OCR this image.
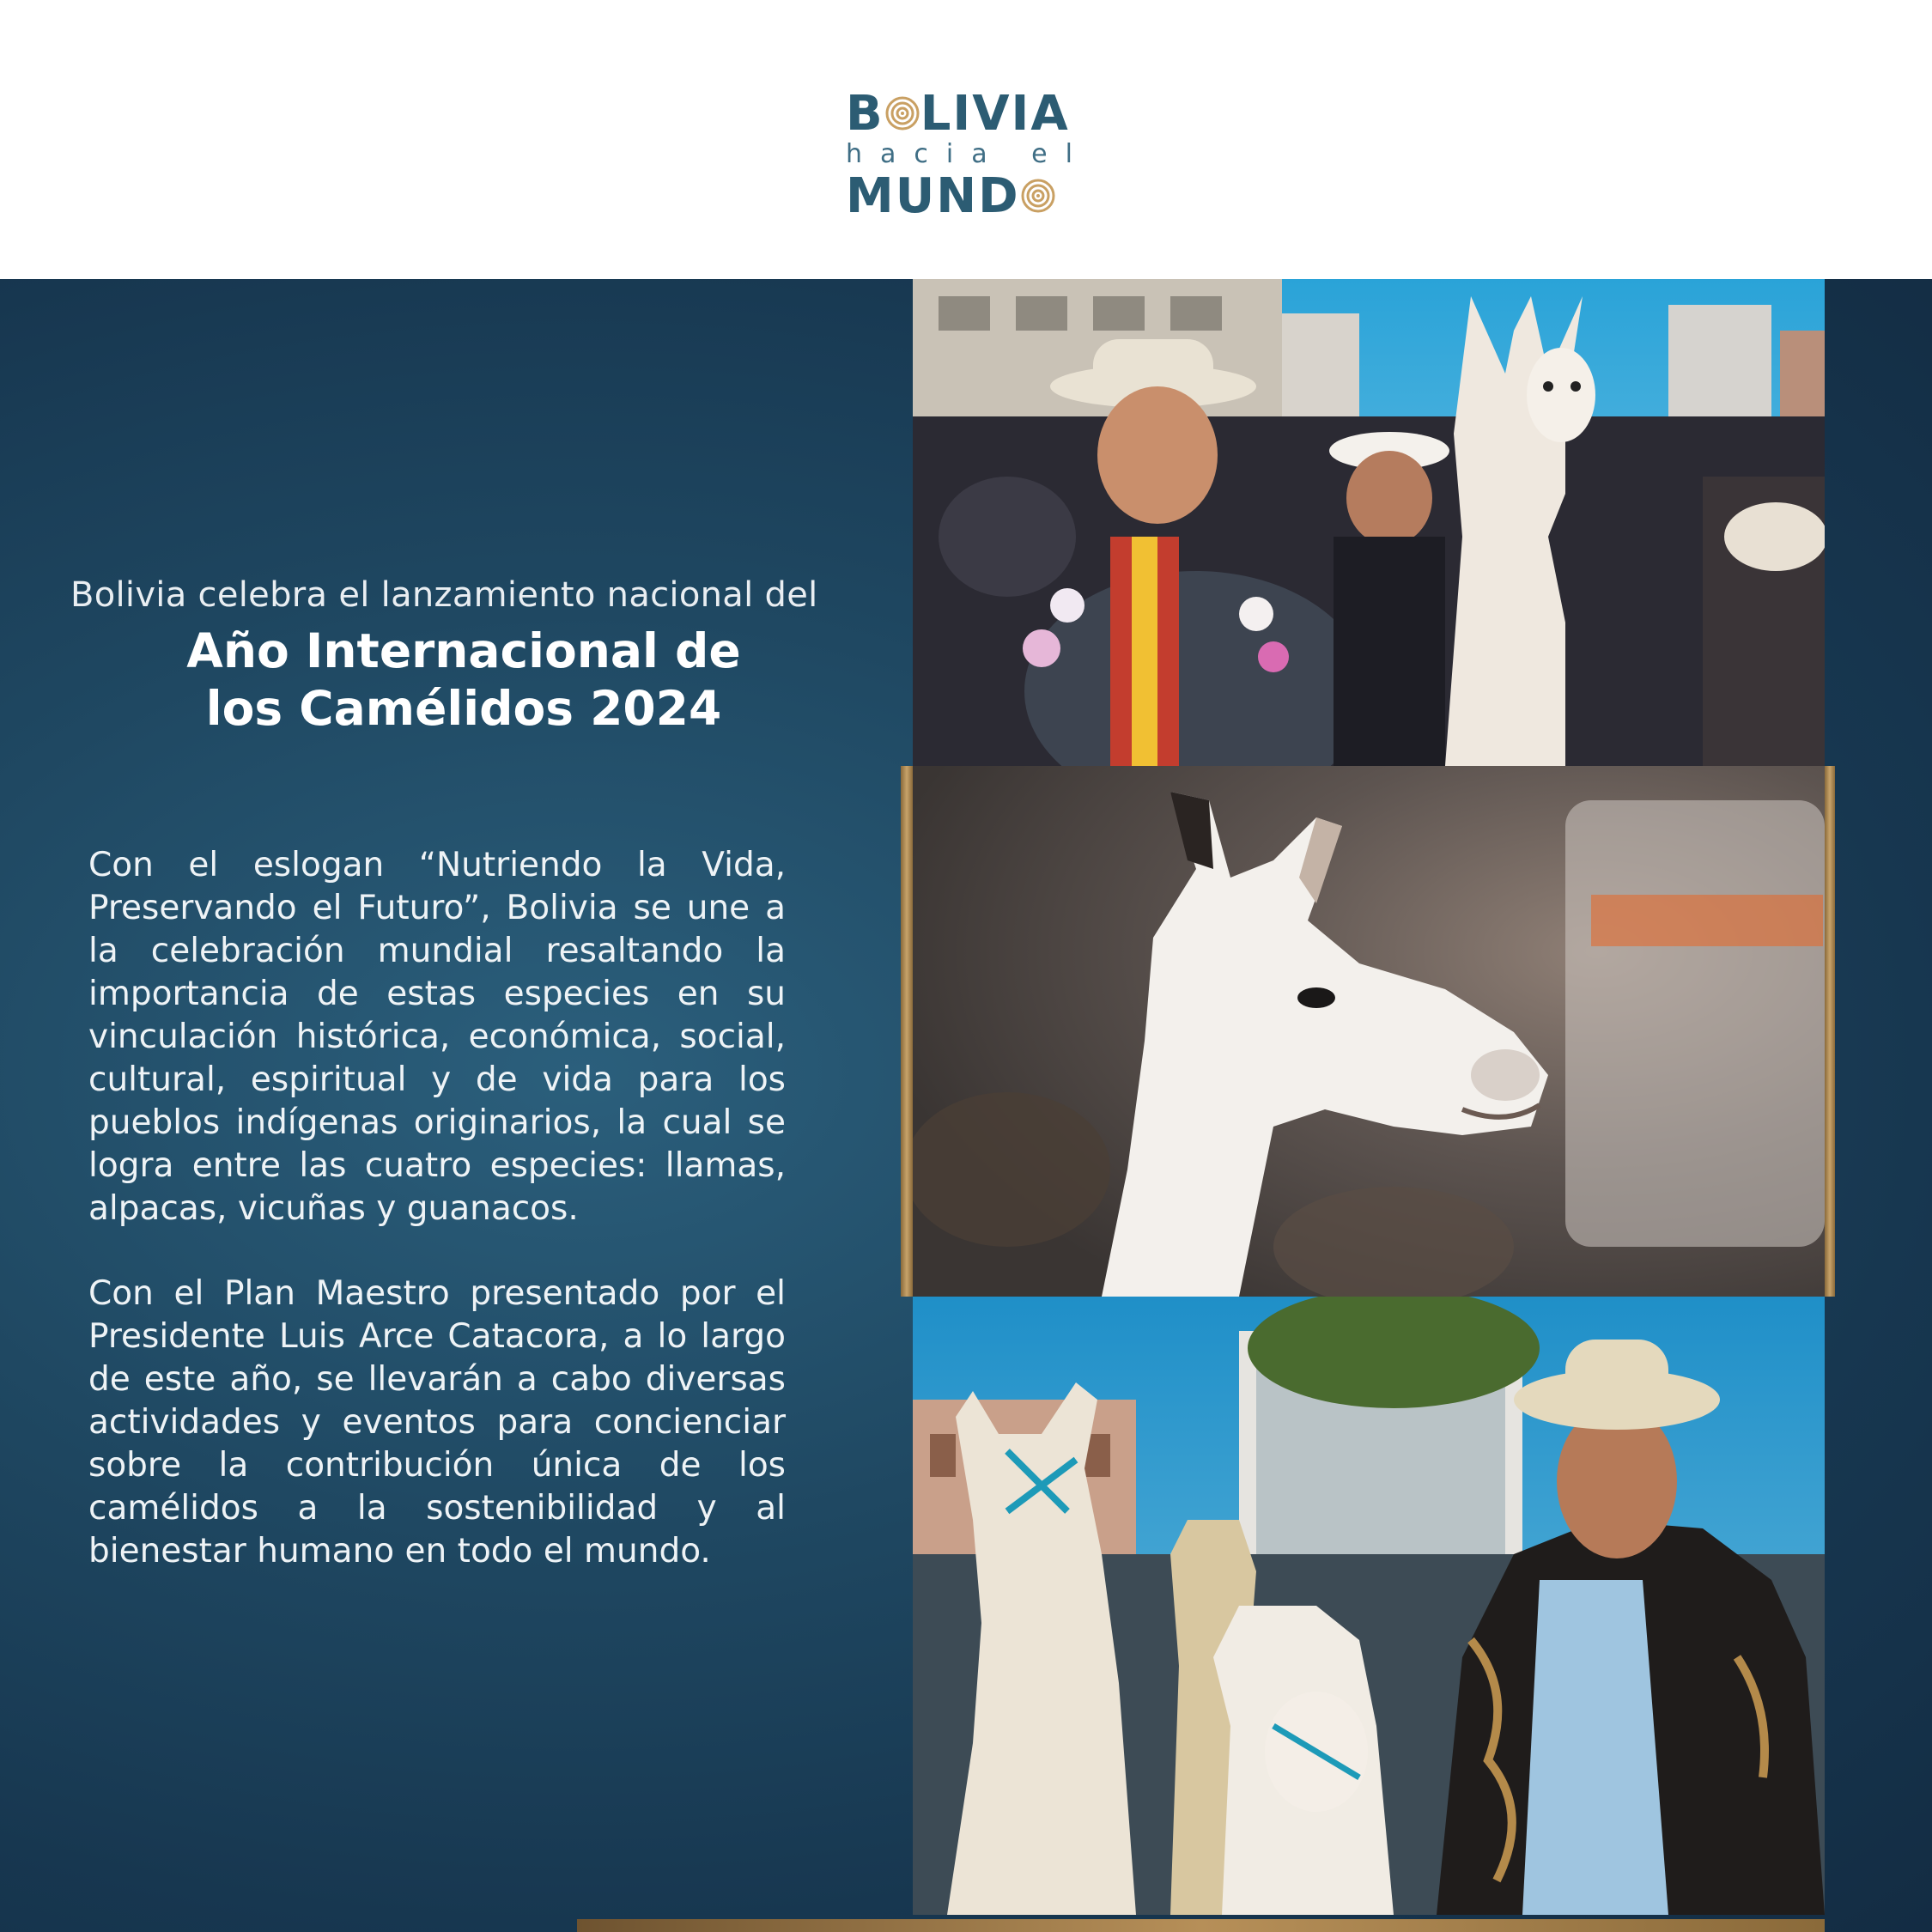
B LIVIA
hacia el
MUND
Bolivia celebra el lanzamiento nacional del
Año Internacional de
los Camélidos 2024
Con el eslogan “Nutriendo la Vida, Preservando el Futuro”, Bolivia se une a la celebración mundial resaltando la importancia de estas especies en su vinculación histórica, económica, social, cultural, espiritual y de vida para los pueblos indígenas originarios, la cual se logra entre las cuatro especies: llamas, alpacas, vicuñas y guanacos.
Con el Plan Maestro presentado por el Presidente Luis Arce Catacora, a lo largo de este año, se llevarán a cabo diversas actividades y eventos para concienciar sobre la contribución única de los camélidos a la sostenibilidad y al bienestar humano en todo el mundo.
